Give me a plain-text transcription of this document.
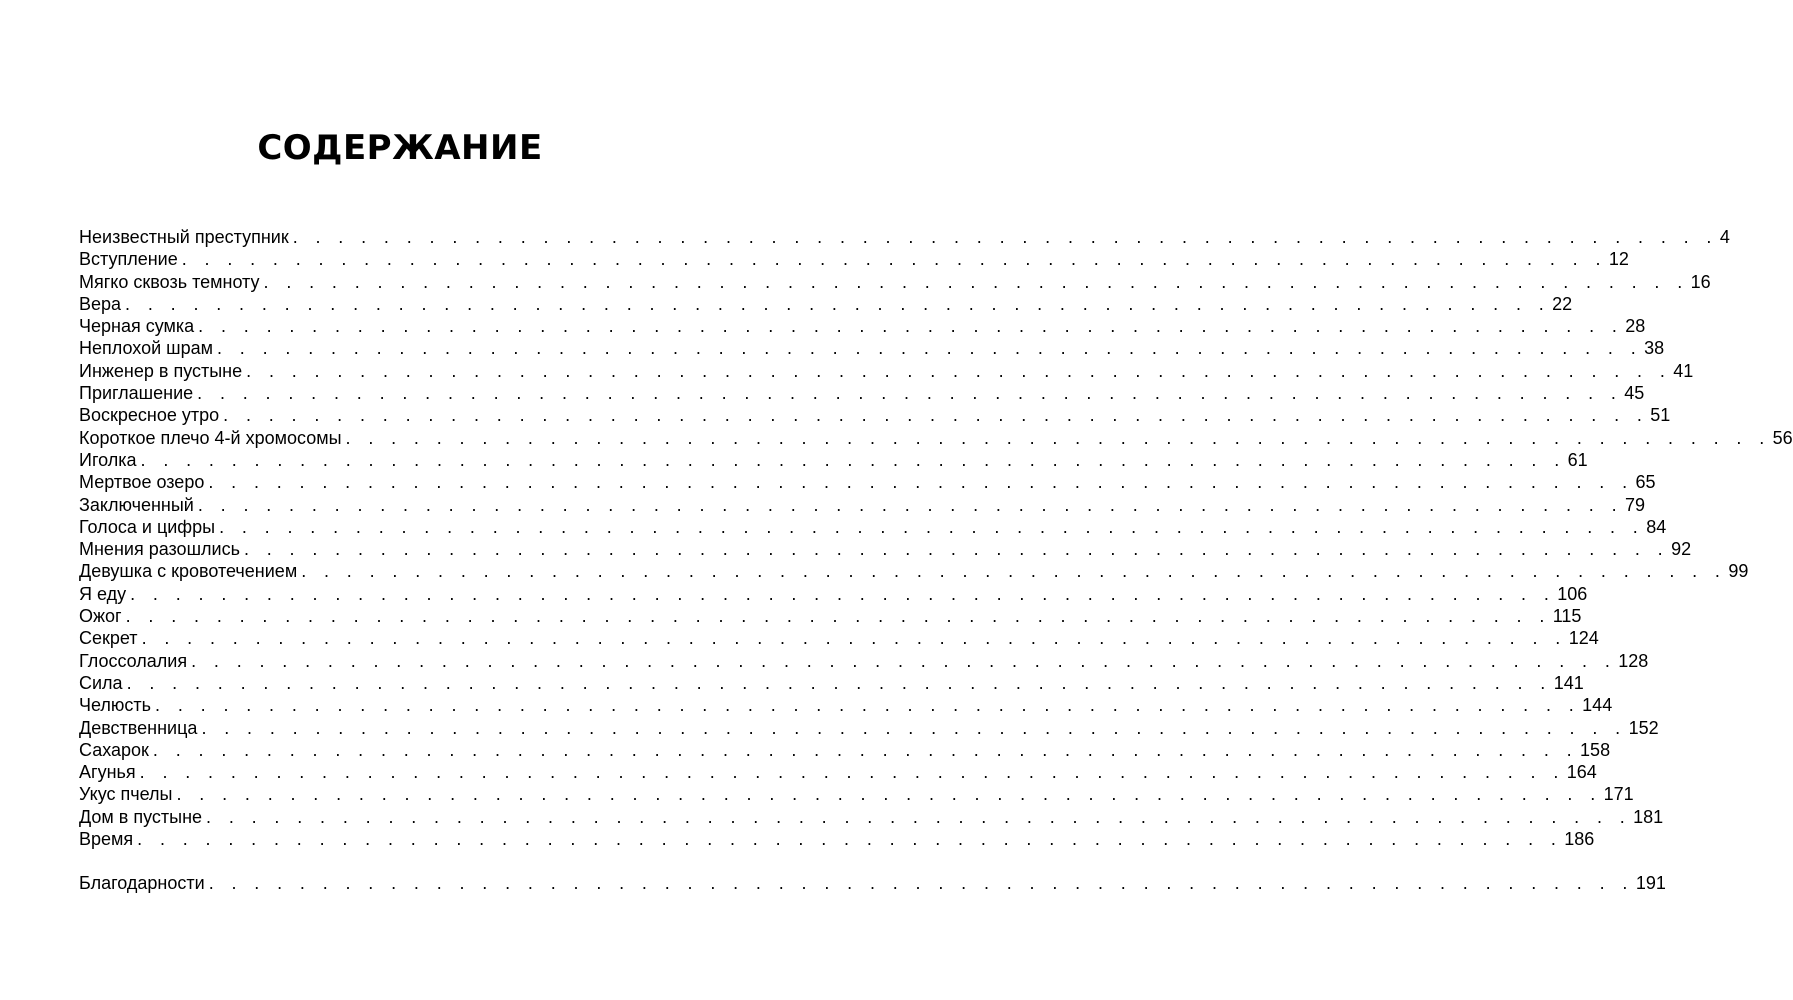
СОДЕРЖАНИЕ
Неизвестный преступник . . . . . . . . . . . . . . . . . . . . . . . . . . . . . . . . . . . . . . . . . . . . . . . . . . . . . . . . . . . . . . . 4
Вступление . . . . . . . . . . . . . . . . . . . . . . . . . . . . . . . . . . . . . . . . . . . . . . . . . . . . . . . . . . . . . . . 12
Мягко сквозь темноту . . . . . . . . . . . . . . . . . . . . . . . . . . . . . . . . . . . . . . . . . . . . . . . . . . . . . . . . . . . . . . . 16
Вера . . . . . . . . . . . . . . . . . . . . . . . . . . . . . . . . . . . . . . . . . . . . . . . . . . . . . . . . . . . . . . . 22
Черная сумка . . . . . . . . . . . . . . . . . . . . . . . . . . . . . . . . . . . . . . . . . . . . . . . . . . . . . . . . . . . . . . . 28
Неплохой шрам . . . . . . . . . . . . . . . . . . . . . . . . . . . . . . . . . . . . . . . . . . . . . . . . . . . . . . . . . . . . . . . 38
Инженер в пустыне . . . . . . . . . . . . . . . . . . . . . . . . . . . . . . . . . . . . . . . . . . . . . . . . . . . . . . . . . . . . . . . 41
Приглашение . . . . . . . . . . . . . . . . . . . . . . . . . . . . . . . . . . . . . . . . . . . . . . . . . . . . . . . . . . . . . . . 45
Воскресное утро . . . . . . . . . . . . . . . . . . . . . . . . . . . . . . . . . . . . . . . . . . . . . . . . . . . . . . . . . . . . . . . 51
Короткое плечо 4-й хромосомы . . . . . . . . . . . . . . . . . . . . . . . . . . . . . . . . . . . . . . . . . . . . . . . . . . . . . . . . . . . . . . . 56
Иголка . . . . . . . . . . . . . . . . . . . . . . . . . . . . . . . . . . . . . . . . . . . . . . . . . . . . . . . . . . . . . . . 61
Мертвое озеро . . . . . . . . . . . . . . . . . . . . . . . . . . . . . . . . . . . . . . . . . . . . . . . . . . . . . . . . . . . . . . . 65
Заключенный . . . . . . . . . . . . . . . . . . . . . . . . . . . . . . . . . . . . . . . . . . . . . . . . . . . . . . . . . . . . . . . 79
Голоса и цифры . . . . . . . . . . . . . . . . . . . . . . . . . . . . . . . . . . . . . . . . . . . . . . . . . . . . . . . . . . . . . . . 84
Мнения разошлись . . . . . . . . . . . . . . . . . . . . . . . . . . . . . . . . . . . . . . . . . . . . . . . . . . . . . . . . . . . . . . . 92
Девушка с кровотечением . . . . . . . . . . . . . . . . . . . . . . . . . . . . . . . . . . . . . . . . . . . . . . . . . . . . . . . . . . . . . . . 99
Я еду . . . . . . . . . . . . . . . . . . . . . . . . . . . . . . . . . . . . . . . . . . . . . . . . . . . . . . . . . . . . . . . 106
Ожог . . . . . . . . . . . . . . . . . . . . . . . . . . . . . . . . . . . . . . . . . . . . . . . . . . . . . . . . . . . . . . . 115
Секрет . . . . . . . . . . . . . . . . . . . . . . . . . . . . . . . . . . . . . . . . . . . . . . . . . . . . . . . . . . . . . . . 124
Глоссолалия . . . . . . . . . . . . . . . . . . . . . . . . . . . . . . . . . . . . . . . . . . . . . . . . . . . . . . . . . . . . . . . 128
Сила . . . . . . . . . . . . . . . . . . . . . . . . . . . . . . . . . . . . . . . . . . . . . . . . . . . . . . . . . . . . . . . 141
Челюсть . . . . . . . . . . . . . . . . . . . . . . . . . . . . . . . . . . . . . . . . . . . . . . . . . . . . . . . . . . . . . . . 144
Девственница . . . . . . . . . . . . . . . . . . . . . . . . . . . . . . . . . . . . . . . . . . . . . . . . . . . . . . . . . . . . . . . 152
Сахарок . . . . . . . . . . . . . . . . . . . . . . . . . . . . . . . . . . . . . . . . . . . . . . . . . . . . . . . . . . . . . . . 158
Агунья . . . . . . . . . . . . . . . . . . . . . . . . . . . . . . . . . . . . . . . . . . . . . . . . . . . . . . . . . . . . . . . 164
Укус пчелы . . . . . . . . . . . . . . . . . . . . . . . . . . . . . . . . . . . . . . . . . . . . . . . . . . . . . . . . . . . . . . . 171
Дом в пустыне . . . . . . . . . . . . . . . . . . . . . . . . . . . . . . . . . . . . . . . . . . . . . . . . . . . . . . . . . . . . . . . 181
Время . . . . . . . . . . . . . . . . . . . . . . . . . . . . . . . . . . . . . . . . . . . . . . . . . . . . . . . . . . . . . . . 186
Благодарности . . . . . . . . . . . . . . . . . . . . . . . . . . . . . . . . . . . . . . . . . . . . . . . . . . . . . . . . . . . . . . . 191
